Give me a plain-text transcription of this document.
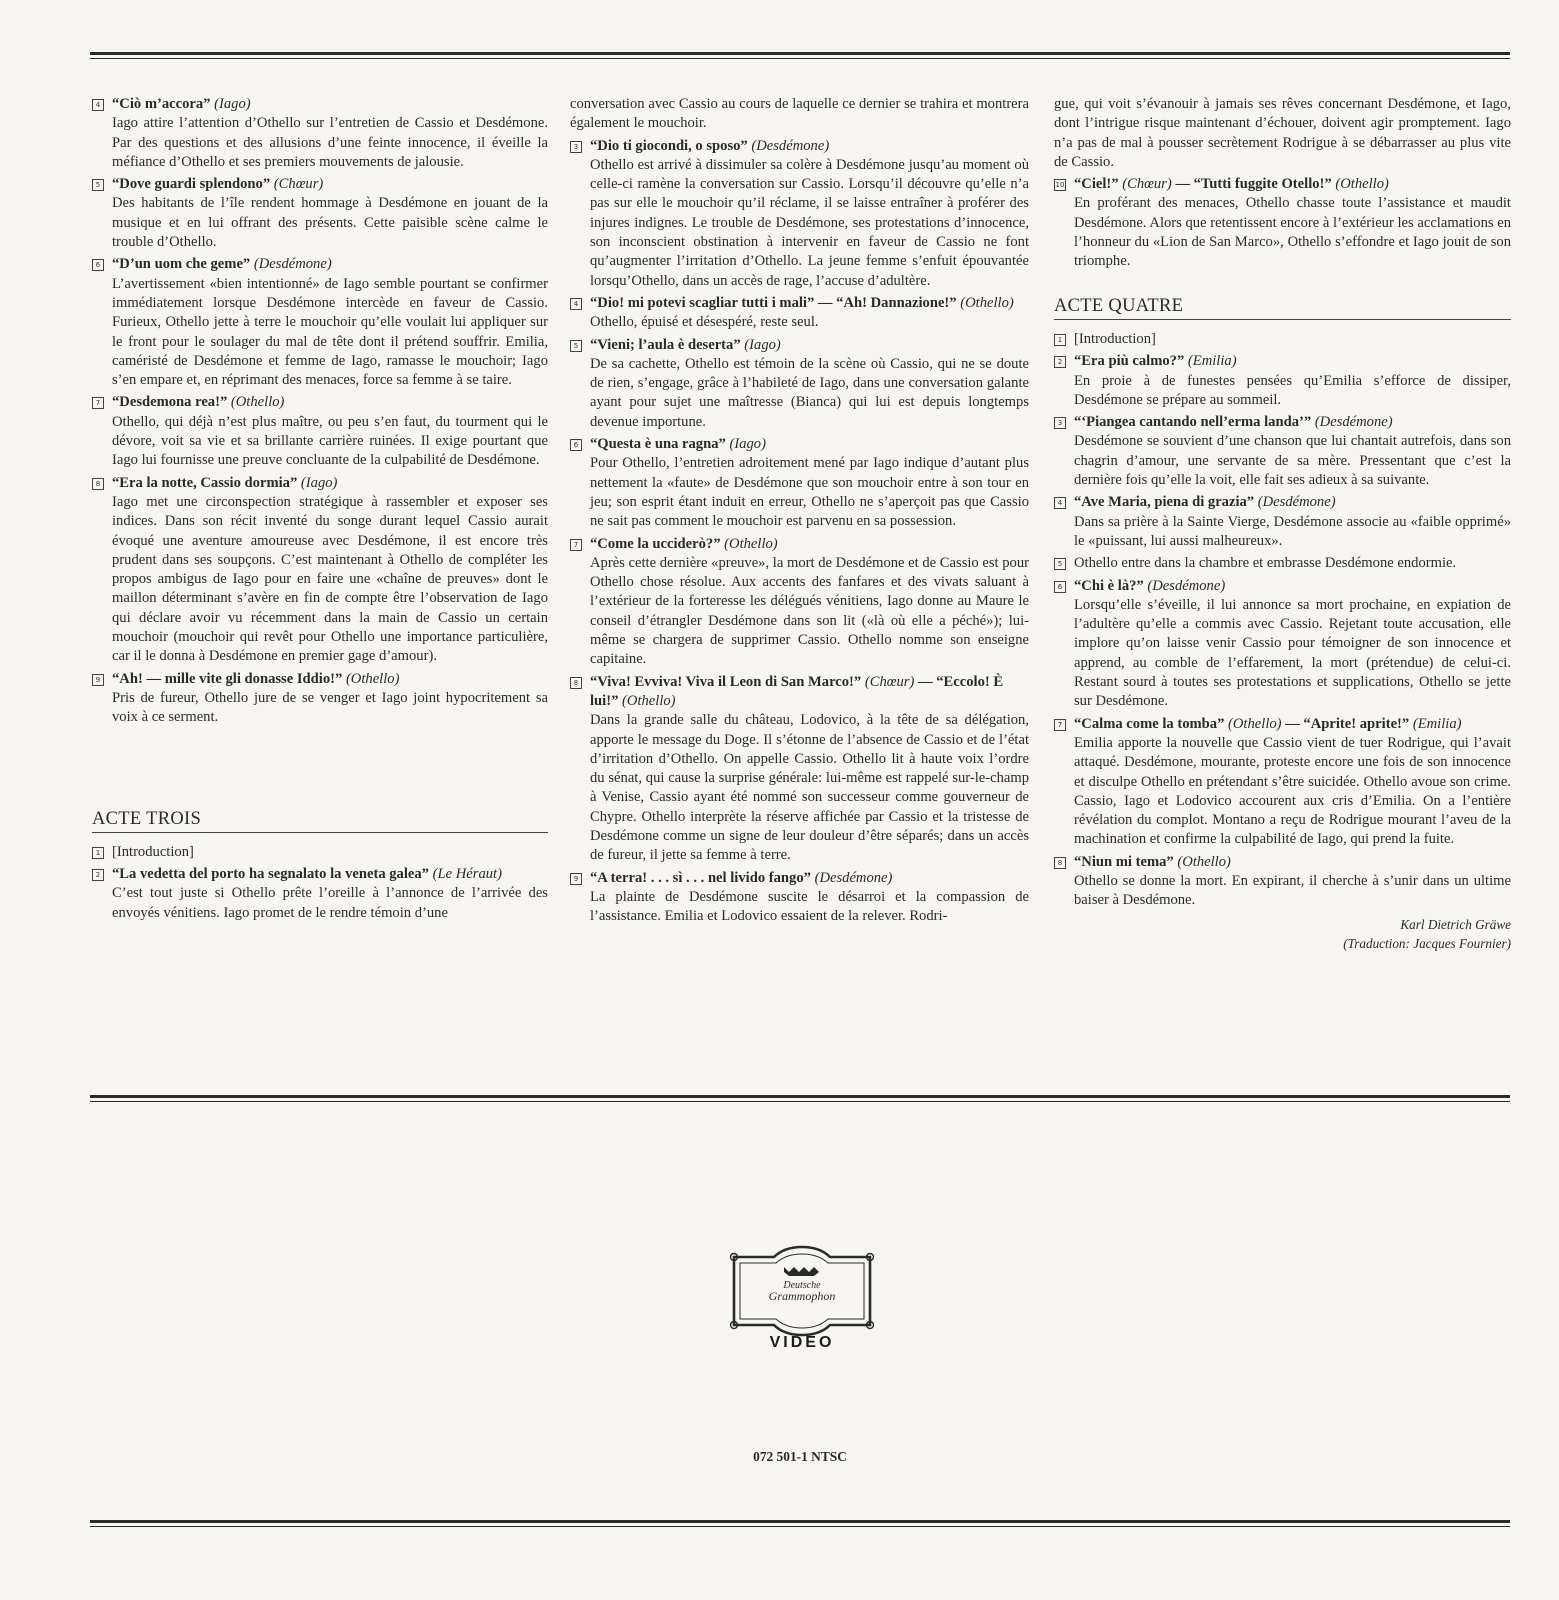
4 “Ciò m’accora” (Iago)
Iago attire l’attention d’Othello sur l’entretien de Cassio et Desdémone. Par des questions et des allusions d’une feinte innocence, il éveille la méfiance d’Othello et ses premiers mouvements de jalousie.
5 “Dove guardi splendono” (Chœur)
Des habitants de l’île rendent hommage à Desdémone en jouant de la musique et en lui offrant des présents. Cette paisible scène calme le trouble d’Othello.
6 “D’un uom che geme” (Desdémone)
L’avertissement «bien intentionné» de Iago semble pourtant se confirmer immédiatement lorsque Desdémone intercède en faveur de Cassio. Furieux, Othello jette à terre le mouchoir qu’elle voulait lui appliquer sur le front pour le soulager du mal de tête dont il prétend souffrir. Emilia, caméristé de Desdémone et femme de Iago, ramasse le mouchoir; Iago s’en empare et, en réprimant des menaces, force sa femme à se taire.
7 “Desdemona rea!” (Othello)
Othello, qui déjà n’est plus maître, ou peu s’en faut, du tourment qui le dévore, voit sa vie et sa brillante carrière ruinées. Il exige pourtant que Iago lui fournisse une preuve concluante de la culpabilité de Desdémone.
8 “Era la notte, Cassio dormia” (Iago)
Iago met une circonspection stratégique à rassembler et exposer ses indices. Dans son récit inventé du songe durant lequel Cassio aurait évoqué une aventure amoureuse avec Desdémone, il est encore très prudent dans ses soupçons. C’est maintenant à Othello de compléter les propos ambigus de Iago pour en faire une «chaîne de preuves» dont le maillon déterminant s’avère en fin de compte être l’observation de Iago qui déclare avoir vu récemment dans la main de Cassio un certain mouchoir (mouchoir qui revêt pour Othello une importance particulière, car il le donna à Desdémone en premier gage d’amour).
9 “Ah! — mille vite gli donasse Iddio!” (Othello)
Pris de fureur, Othello jure de se venger et Iago joint hypocritement sa voix à ce serment.
ACTE TROIS
1 [Introduction]
2 “La vedetta del porto ha segnalato la veneta galea” (Le Héraut)
C’est tout juste si Othello prête l’oreille à l’annonce de l’arrivée des envoyés vénitiens. Iago promet de le rendre témoin d’une
conversation avec Cassio au cours de laquelle ce dernier se trahira et montrera également le mouchoir.
3 “Dio ti giocondi, o sposo” (Desdémone)
Othello est arrivé à dissimuler sa colère à Desdémone jusqu’au moment où celle-ci ramène la conversation sur Cassio. Lorsqu’il découvre qu’elle n’a pas sur elle le mouchoir qu’il réclame, il se laisse entraîner à proférer des injures indignes. Le trouble de Desdémone, ses protestations d’innocence, son inconscient obstination à intervenir en faveur de Cassio ne font qu’augmenter l’irritation d’Othello. La jeune femme s’enfuit épouvantée lorsqu’Othello, dans un accès de rage, l’accuse d’adultère.
4 “Dio! mi potevi scagliar tutti i mali” — “Ah! Dannazione!” (Othello)
Othello, épuisé et désespéré, reste seul.
5 “Vieni; l’aula è deserta” (Iago)
De sa cachette, Othello est témoin de la scène où Cassio, qui ne se doute de rien, s’engage, grâce à l’habileté de Iago, dans une conversation galante ayant pour sujet une maîtresse (Bianca) qui lui est depuis longtemps devenue importune.
6 “Questa è una ragna” (Iago)
Pour Othello, l’entretien adroitement mené par Iago indique d’autant plus nettement la «faute» de Desdémone que son mouchoir entre à son tour en jeu; son esprit étant induit en erreur, Othello ne s’aperçoit pas que Cassio ne sait pas comment le mouchoir est parvenu en sa possession.
7 “Come la ucciderò?” (Othello)
Après cette dernière «preuve», la mort de Desdémone et de Cassio est pour Othello chose résolue. Aux accents des fanfares et des vivats saluant à l’extérieur de la forteresse les délégués vénitiens, Iago donne au Maure le conseil d’étrangler Desdémone dans son lit («là où elle a péché»); lui-même se chargera de supprimer Cassio. Othello nomme son enseigne capitaine.
8 “Viva! Evviva! Viva il Leon di San Marco!” (Chœur) — “Eccolo! È lui!” (Othello)
Dans la grande salle du château, Lodovico, à la tête de sa délégation, apporte le message du Doge. Il s’étonne de l’absence de Cassio et de l’état d’irritation d’Othello. On appelle Cassio. Othello lit à haute voix l’ordre du sénat, qui cause la surprise générale: lui-même est rappelé sur-le-champ à Venise, Cassio ayant été nommé son successeur comme gouverneur de Chypre. Othello interprète la réserve affichée par Cassio et la tristesse de Desdémone comme un signe de leur douleur d’être séparés; dans un accès de fureur, il jette sa femme à terre.
9 “A terra! . . . sì . . . nel livido fango” (Desdémone)
La plainte de Desdémone suscite le désarroi et la compassion de l’assistance. Emilia et Lodovico essaient de la relever. Rodri-
gue, qui voit s’évanouir à jamais ses rêves concernant Desdémone, et Iago, dont l’intrigue risque maintenant d’échouer, doivent agir promptement. Iago n’a pas de mal à pousser secrètement Rodrigue à se débarrasser au plus vite de Cassio.
10 “Ciel!” (Chœur) — “Tutti fuggite Otello!” (Othello)
En proférant des menaces, Othello chasse toute l’assistance et maudit Desdémone. Alors que retentissent encore à l’extérieur les acclamations en l’honneur du «Lion de San Marco», Othello s’effondre et Iago jouit de son triomphe.
ACTE QUATRE
1 [Introduction]
2 “Era più calmo?” (Emilia)
En proie à de funestes pensées qu’Emilia s’efforce de dissiper, Desdémone se prépare au sommeil.
3 “‘Piangea cantando nell’erma landa’” (Desdémone)
Desdémone se souvient d’une chanson que lui chantait autrefois, dans son chagrin d’amour, une servante de sa mère. Pressentant que c’est la dernière fois qu’elle la voit, elle fait ses adieux à sa suivante.
4 “Ave Maria, piena di grazia” (Desdémone)
Dans sa prière à la Sainte Vierge, Desdémone associe au «faible opprimé» le «puissant, lui aussi malheureux».
5 Othello entre dans la chambre et embrasse Desdémone endormie.
6 “Chi è là?” (Desdémone)
Lorsqu’elle s’éveille, il lui annonce sa mort prochaine, en expiation de l’adultère qu’elle a commis avec Cassio. Rejetant toute accusation, elle implore qu’on laisse venir Cassio pour témoigner de son innocence et apprend, au comble de l’effarement, la mort (prétendue) de celui-ci. Restant sourd à toutes ses protestations et supplications, Othello se jette sur Desdémone.
7 “Calma come la tomba” (Othello) — “Aprite! aprite!” (Emilia)
Emilia apporte la nouvelle que Cassio vient de tuer Rodrigue, qui l’avait attaqué. Desdémone, mourante, proteste encore une fois de son innocence et disculpe Othello en prétendant s’être suicidée. Othello avoue son crime. Cassio, Iago et Lodovico accourent aux cris d’Emilia. On a l’entière révélation du complot. Montano a reçu de Rodrigue mourant l’aveu de la machination et confirme la culpabilité de Iago, qui prend la fuite.
8 “Niun mi tema” (Othello)
Othello se donne la mort. En expirant, il cherche à s’unir dans un ultime baiser à Desdémone.
Karl Dietrich Gräwe
(Traduction: Jacques Fournier)
Deutsche
Grammophon
VIDEO
072 501-1 NTSC
